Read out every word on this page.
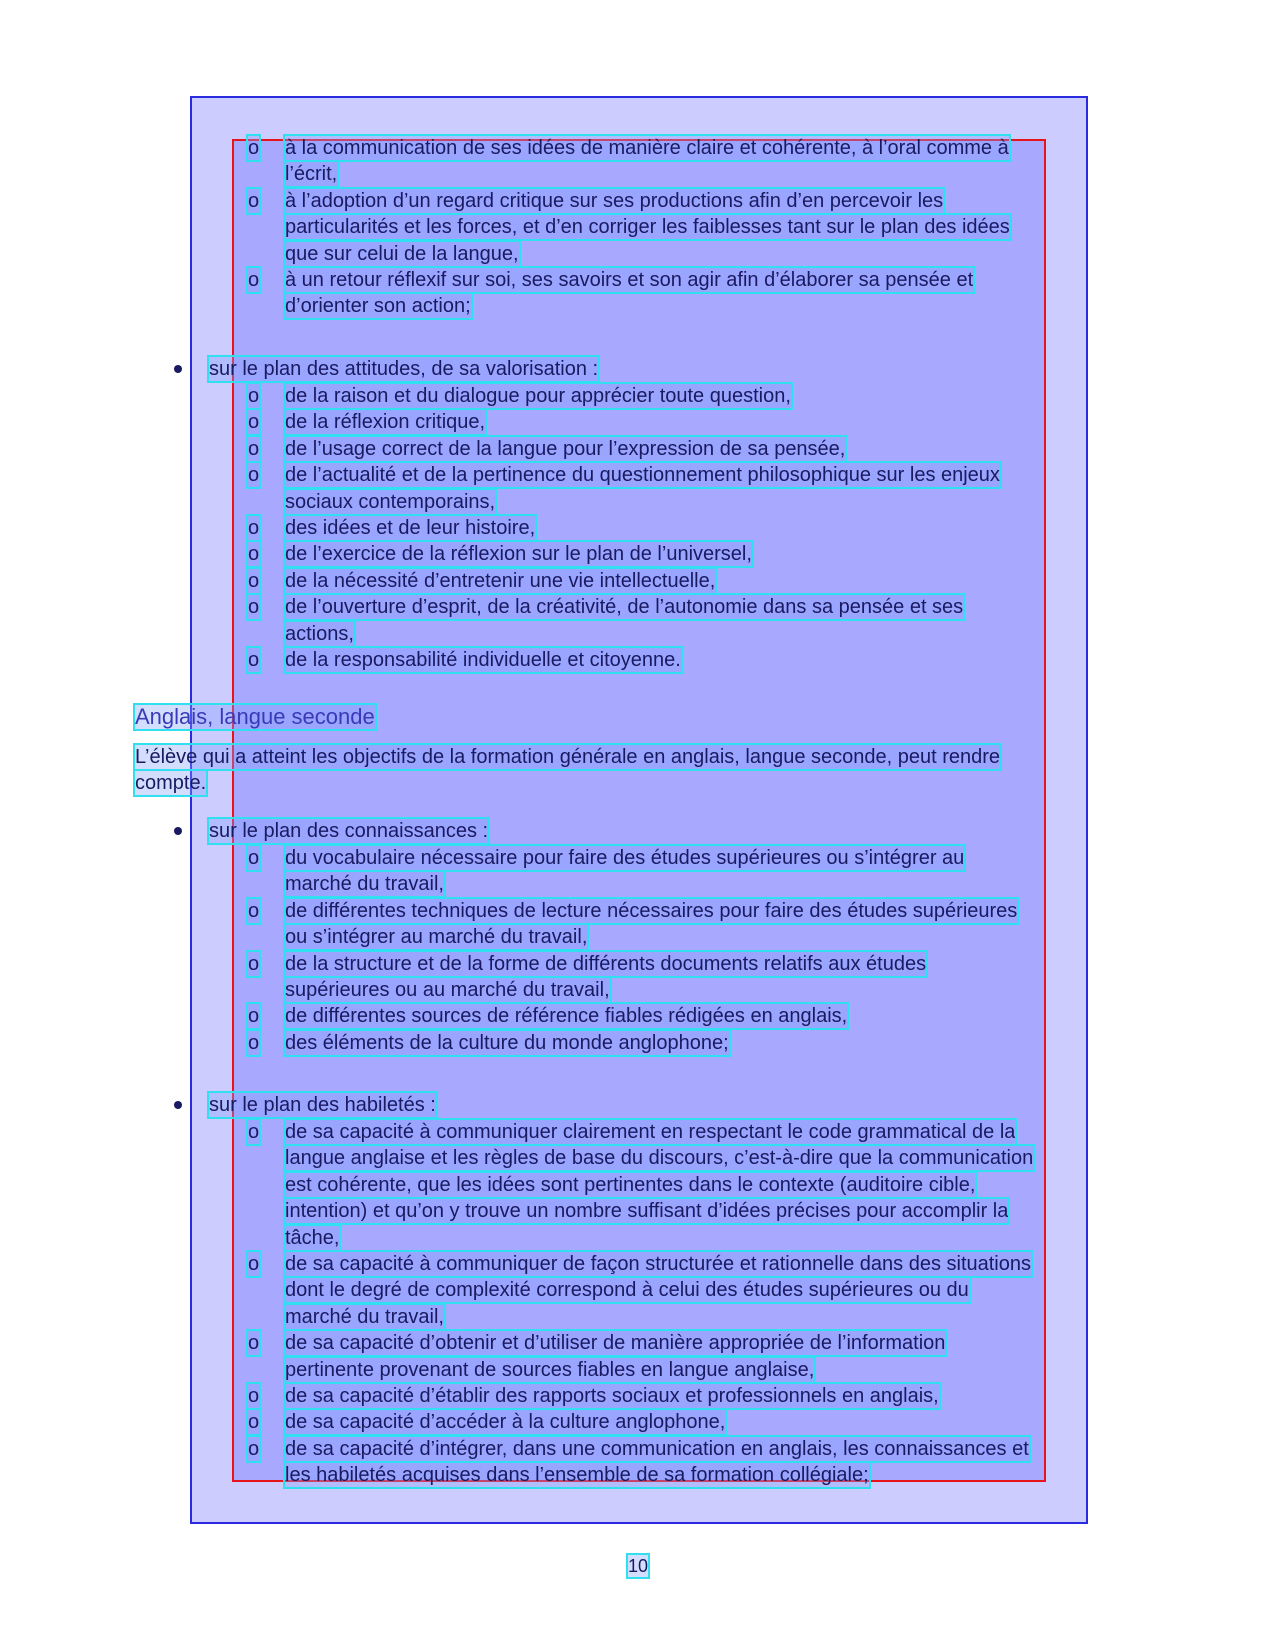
o à la communication de ses idées de manière claire et cohérente, à l’oral comme à
l’écrit,
o à l’adoption d’un regard critique sur ses productions afin d’en percevoir les
particularités et les forces, et d’en corriger les faiblesses tant sur le plan des idées
que sur celui de la langue,
o à un retour réflexif sur soi, ses savoirs et son agir afin d’élaborer sa pensée et
d’orienter son action;
sur le plan des attitudes, de sa valorisation :
o de la raison et du dialogue pour apprécier toute question,
o de la réflexion critique,
o de l’usage correct de la langue pour l’expression de sa pensée,
o de l’actualité et de la pertinence du questionnement philosophique sur les enjeux
sociaux contemporains,
o des idées et de leur histoire,
o de l’exercice de la réflexion sur le plan de l’universel,
o de la nécessité d’entretenir une vie intellectuelle,
o de l’ouverture d’esprit, de la créativité, de l’autonomie dans sa pensée et ses
actions,
o de la responsabilité individuelle et citoyenne.
Anglais, langue seconde
L’élève qui a atteint les objectifs de la formation générale en anglais, langue seconde, peut rendre
compte.
sur le plan des connaissances :
o du vocabulaire nécessaire pour faire des études supérieures ou s’intégrer au
marché du travail,
o de différentes techniques de lecture nécessaires pour faire des études supérieures
ou s’intégrer au marché du travail,
o de la structure et de la forme de différents documents relatifs aux études
supérieures ou au marché du travail,
o de différentes sources de référence fiables rédigées en anglais,
o des éléments de la culture du monde anglophone;
sur le plan des habiletés :
o de sa capacité à communiquer clairement en respectant le code grammatical de la
langue anglaise et les règles de base du discours, c’est-à-dire que la communication
est cohérente, que les idées sont pertinentes dans le contexte (auditoire cible,
intention) et qu’on y trouve un nombre suffisant d’idées précises pour accomplir la
tâche,
o de sa capacité à communiquer de façon structurée et rationnelle dans des situations
dont le degré de complexité correspond à celui des études supérieures ou du
marché du travail,
o de sa capacité d’obtenir et d’utiliser de manière appropriée de l’information
pertinente provenant de sources fiables en langue anglaise,
o de sa capacité d’établir des rapports sociaux et professionnels en anglais,
o de sa capacité d’accéder à la culture anglophone,
o de sa capacité d’intégrer, dans une communication en anglais, les connaissances et
les habiletés acquises dans l’ensemble de sa formation collégiale;
10
